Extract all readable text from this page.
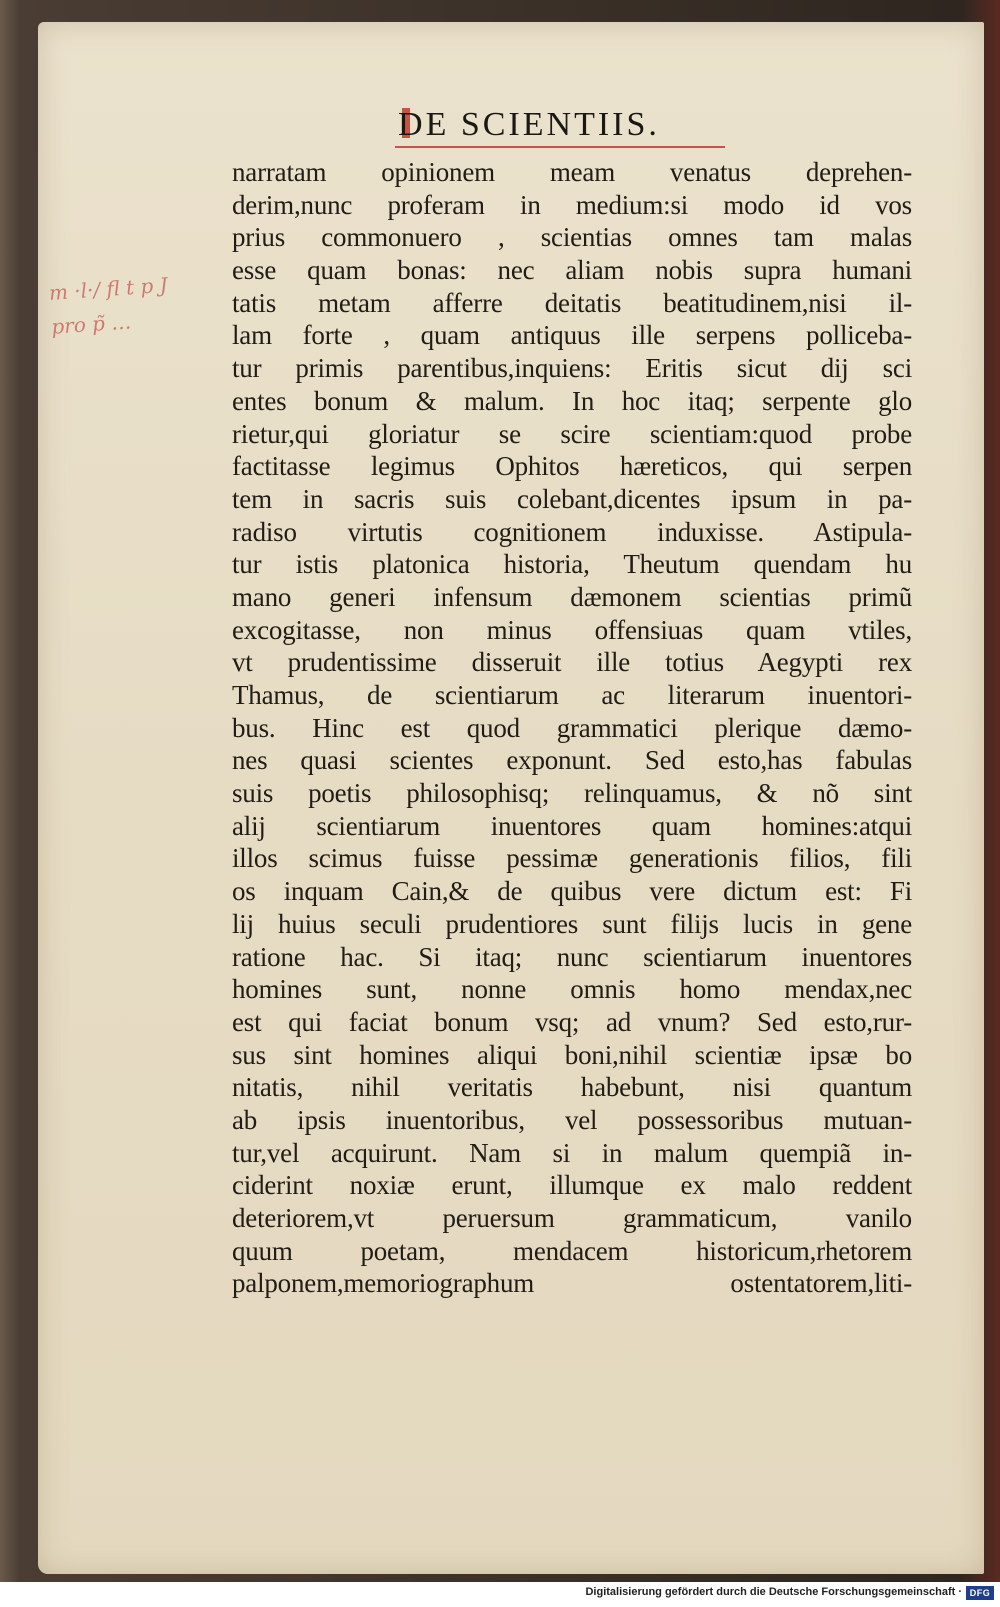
DE SCIENTIIS.
m ·l·/ fl t p J
pro p̃ …
narratam opinionem meam venatus deprehen-
derim,nunc proferam in medium:si modo id vos
prius commonuero , scientias omnes tam malas
esse quam bonas: nec aliam nobis supra humani
tatis metam afferre deitatis beatitudinem,nisi il-
lam forte , quam antiquus ille serpens polliceba-
tur primis parentibus,inquiens: Eritis sicut dij sci
entes bonum & malum. In hoc itaq; serpente glo
rietur,qui gloriatur se scire scientiam:quod probe
factitasse legimus Ophitos hæreticos, qui serpen
tem in sacris suis colebant,dicentes ipsum in pa-
radiso virtutis cognitionem induxisse. Astipula-
tur istis platonica historia, Theutum quendam hu
mano generi infensum dæmonem scientias primũ
excogitasse, non minus offensiuas quam vtiles,
vt prudentissime disseruit ille totius Aegypti rex
Thamus, de scientiarum ac literarum inuentori-
bus. Hinc est quod grammatici plerique dæmo-
nes quasi scientes exponunt. Sed esto,has fabulas
suis poetis philosophisq; relinquamus, & nõ sint
alij scientiarum inuentores quam homines:atqui
illos scimus fuisse pessimæ generationis filios, fili
os inquam Cain,& de quibus vere dictum est: Fi
lij huius seculi prudentiores sunt filijs lucis in gene
ratione hac. Si itaq; nunc scientiarum inuentores
homines sunt, nonne omnis homo mendax,nec
est qui faciat bonum vsq; ad vnum? Sed esto,rur-
sus sint homines aliqui boni,nihil scientiæ ipsæ bo
nitatis, nihil veritatis habebunt, nisi quantum
ab ipsis inuentoribus, vel possessoribus mutuan-
tur,vel acquirunt. Nam si in malum quempiã in-
ciderint noxiæ erunt, illumque ex malo reddent
deteriorem,vt peruersum grammaticum, vanilo
quum poetam, mendacem historicum,rhetorem
palponem,memoriographum ostentatorem,liti-
Digitalisierung gefördert durch die Deutsche Forschungsgemeinschaft · DFG
